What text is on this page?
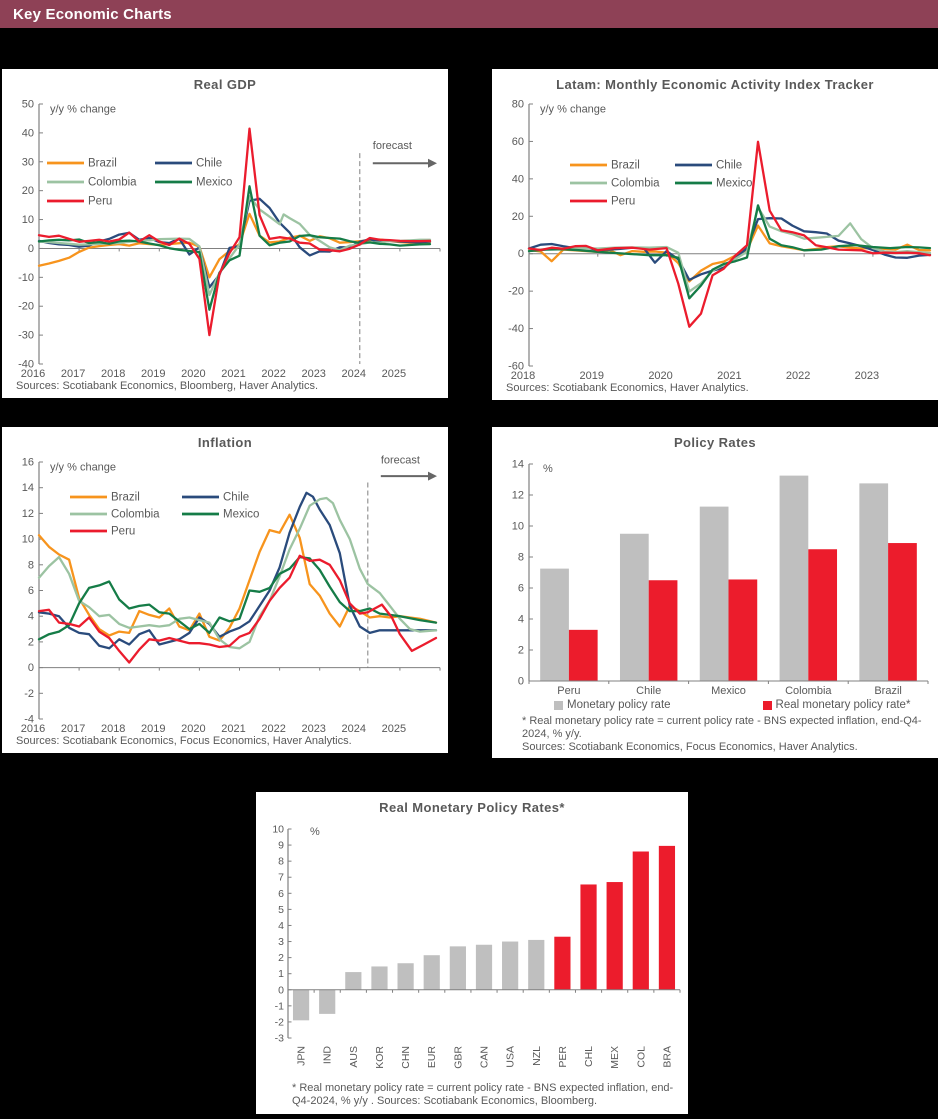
Key Economic Charts
Real GDP
-40
-30
-20
-10
0
10
20
30
40
50
2016 2017 2018 2019 2020 2021 2022 2023 2024 2025
y/y % change
forecast
Brazil	Chile
Colombia	Mexico
Peru
Sources: Scotiabank Economics, Bloomberg, Haver Analytics.
Latam: Monthly Economic Activity Index Tracker
-60
-40
-20
0
20
40
60
80
2018	2019	2020	2021	2022	2023
y/y % change
Brazil	Chile
Colombia	Mexico
Peru
Sources: Scotiabank Economics, Haver Analytics.
Inflation
-4
-2
0
2
4
6
8
10
12
14
16
2016 2017 2018 2019 2020 2021 2022 2023 2024 2025
y/y % change
forecast
Brazil	Chile
Colombia	Mexico
Peru
Sources: Scotiabank Economics, Focus Economics, Haver Analytics.
Policy Rates
0
2
4
6
8
10
12
14 %
Peru	Chile	Mexico	Colombia	Brazil
Monetary policy rate	Real monetary policy rate*
* Real monetary policy rate = current policy rate - BNS expected inflation, end-Q4-2024, % y/y.
Sources: Scotiabank Economics, Focus Economics, Haver Analytics.
Real Monetary Policy Rates*
-3
-2
-1
0
1
2
3
4
5
6
7
8
9
10 %
JPN IND AUS KOR CHN EUR GBR CAN USA NZL PER CHL MEX COL BRA
* Real monetary policy rate = current policy rate - BNS expected inflation, end-Q4-2024, % y/y . Sources: Scotiabank Economics, Bloomberg.
